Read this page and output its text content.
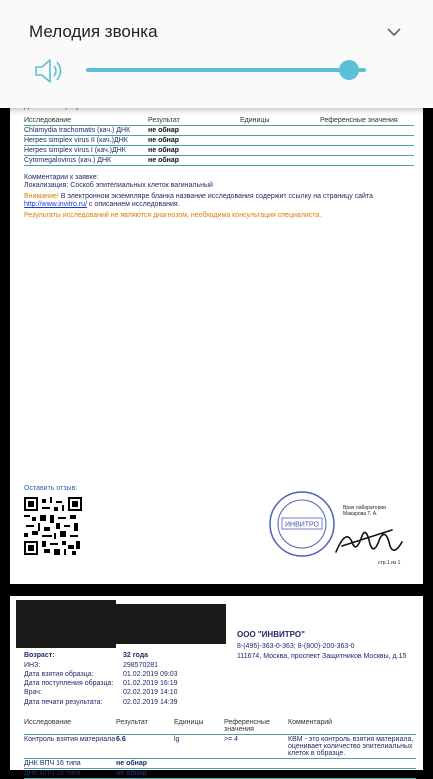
Мелодия звонка
Исследование	Результат	Единицы	Референсные значения
Chlamydia trachomatis (кач.) ДНК	не обнар		
Herpes simplex virus II (кач.)ДНК	не обнар		
Herpes simplex virus I (кач.)ДНК	не обнар		
Cytomegalovirus (кач.) ДНК	не обнар		
Комментарии к заявке:
Локализация: Соскоб эпителиальных клеток вагинальный
Внимание! В электронном экземпляре бланка название исследования содержит ссылку на страницу сайта
http://www.invitro.ru/ с описанием исследования.
Результаты исследований не являются диагнозом, необходима консультация специалиста.
Оставить отзыв:
ИНВИТРО
Врач лаборатории
Макарова Т. А.
стр.1 из 1
ООО "ИНВИТРО"
8-(495)-363-0-363; 8-(800)-200-363-0
111674, Москва, проспект Защитников Москвы, д.15
Возраст:	32 года
ИНЗ:	298570281
Дата взятия образца:	01.02.2019 09:03
Дата поступления образца: 01.02.2019 16:19
Врач:	02.02.2019 14:10
Дата печати результата:	02.02.2019 14:39
Исследование	Результат	Единицы	Референсные значения	Комментарий
Контроль взятия материала	6.6	lg	>= 4	КВМ - это контроль взятия материала, оценивает количество эпителиальных клеток в образце.
ДНК ВПЧ 16 типа	не обнар			
ДНК ВПЧ 18 типа	не обнар			
